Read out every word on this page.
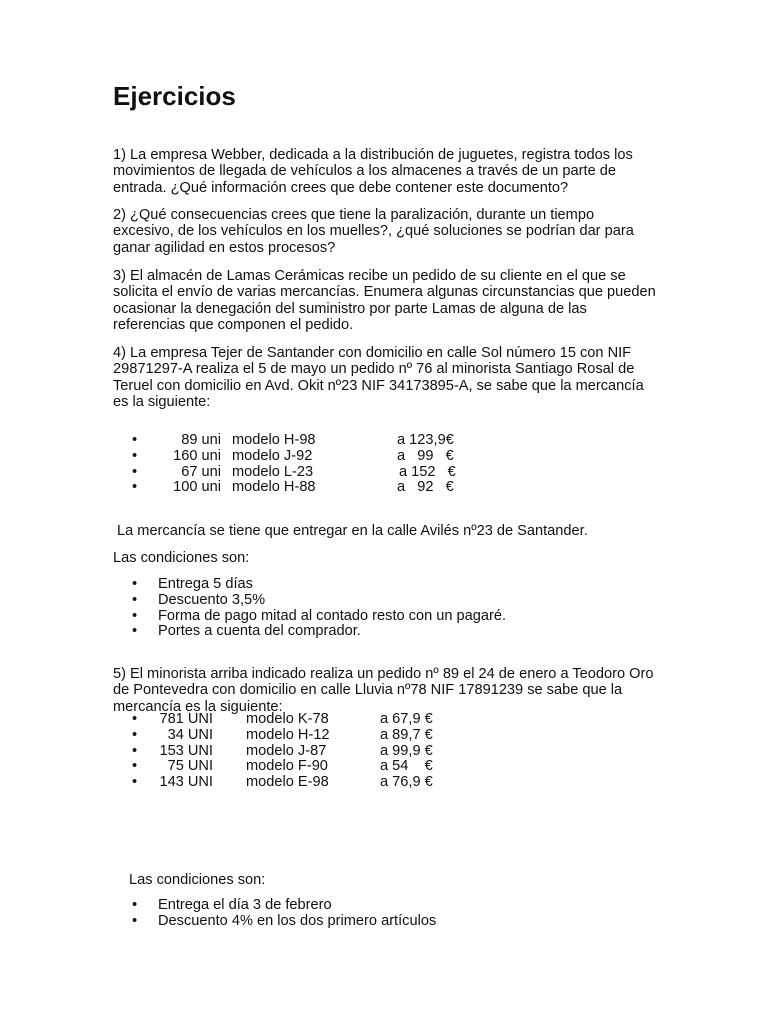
Ejercicios

1) La empresa Webber, dedicada a la distribución de juguetes, registra todos los movimientos de llegada de vehículos a los almacenes a través de un parte de entrada. ¿Qué información crees que debe contener este documento?

2) ¿Qué consecuencias crees que tiene la paralización, durante un tiempo excesivo, de los vehículos en los muelles?, ¿qué soluciones se podrían dar para ganar agilidad en estos procesos?

3) El almacén de Lamas Cerámicas recibe un pedido de su cliente en el que se solicita el envío de varias mercancías. Enumera algunas circunstancias que pueden ocasionar la denegación del suministro por parte Lamas de alguna de las referencias que componen el pedido.

4) La empresa Tejer de Santander con domicilio en calle Sol número 15 con NIF 29871297-A realiza el 5 de mayo un pedido nº 76 al minorista Santiago Rosal de Teruel con domicilio en Avd. Okit nº23 NIF 34173895-A, se sabe que la mercancía es la siguiente:

•	89 uni modelo H-98	a 123,9€
•	160 uni modelo J-92	a   99   €
•	67 uni modelo L-23	a 152   €
•	100 uni modelo H-88	a   92   €

La mercancía se tiene que entregar en la calle Avilés nº23 de Santander.

Las condiciones son:

• Entrega 5 días
• Descuento 3,5%
• Forma de pago mitad al contado resto con un pagaré.
• Portes a cuenta del comprador.

5) El minorista arriba indicado realiza un pedido nº 89 el 24 de enero a Teodoro Oro de Pontevedra con domicilio en calle Lluvia nº78 NIF 17891239 se sabe que la mercancía es la siguiente:

•	781 UNI modelo K-78	a 67,9 €
•	34 UNI modelo H-12	a 89,7 €
•	153 UNI modelo J-87	a 99,9 €
•	75 UNI modelo F-90	a 54    €
•	143 UNI modelo E-98	a 76,9 €

Las condiciones son:

• Entrega el día 3 de febrero
• Descuento 4% en los dos primero artículos
